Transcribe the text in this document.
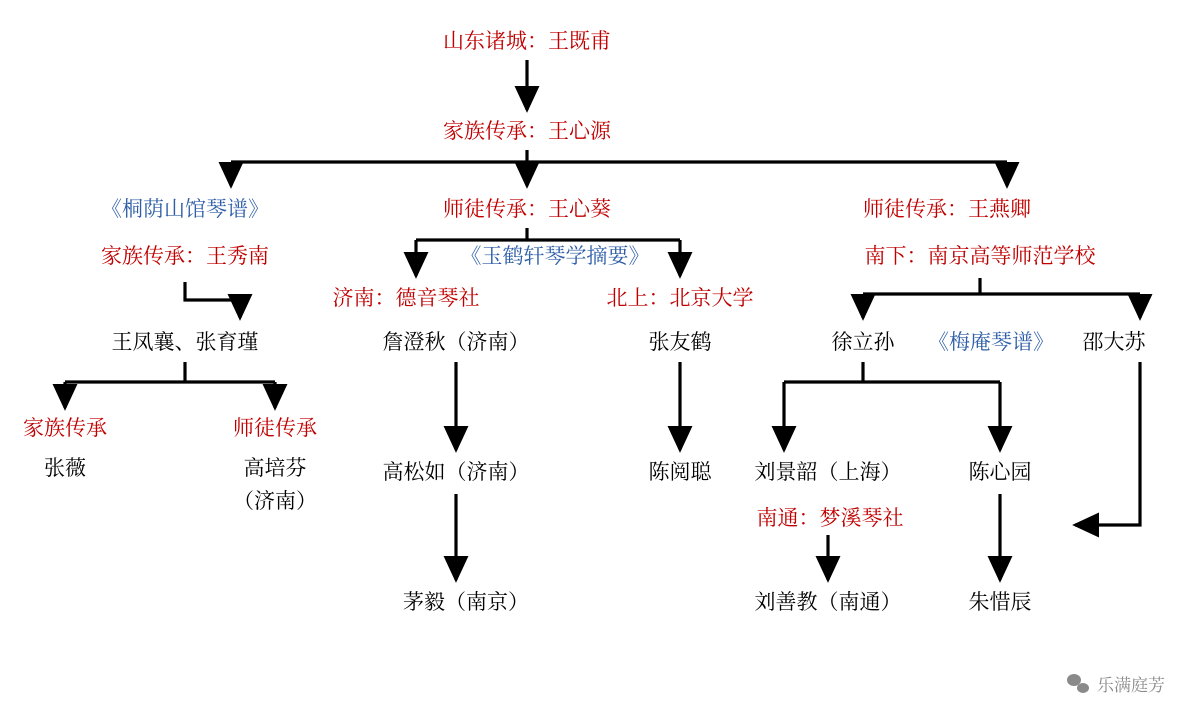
山东诸城：王既甫
家族传承：王心源
《桐荫山馆琴谱》
家族传承：王秀南
王凤襄、张育瑾
家族传承
张薇
师徒传承
高培芬
（济南）
师徒传承：王心葵
《玉鹤轩琴学摘要》
济南：德音琴社
詹澄秋（济南）
高松如（济南）
茅毅（南京）
北上：北京大学
张友鹤
陈阅聪
师徒传承：王燕卿
南下：南京高等师范学校
徐立孙 《梅庵琴谱》 邵大苏
刘景韶（上海）
南通：梦溪琴社
刘善教（南通）
陈心园
朱惜辰
乐满庭芳
